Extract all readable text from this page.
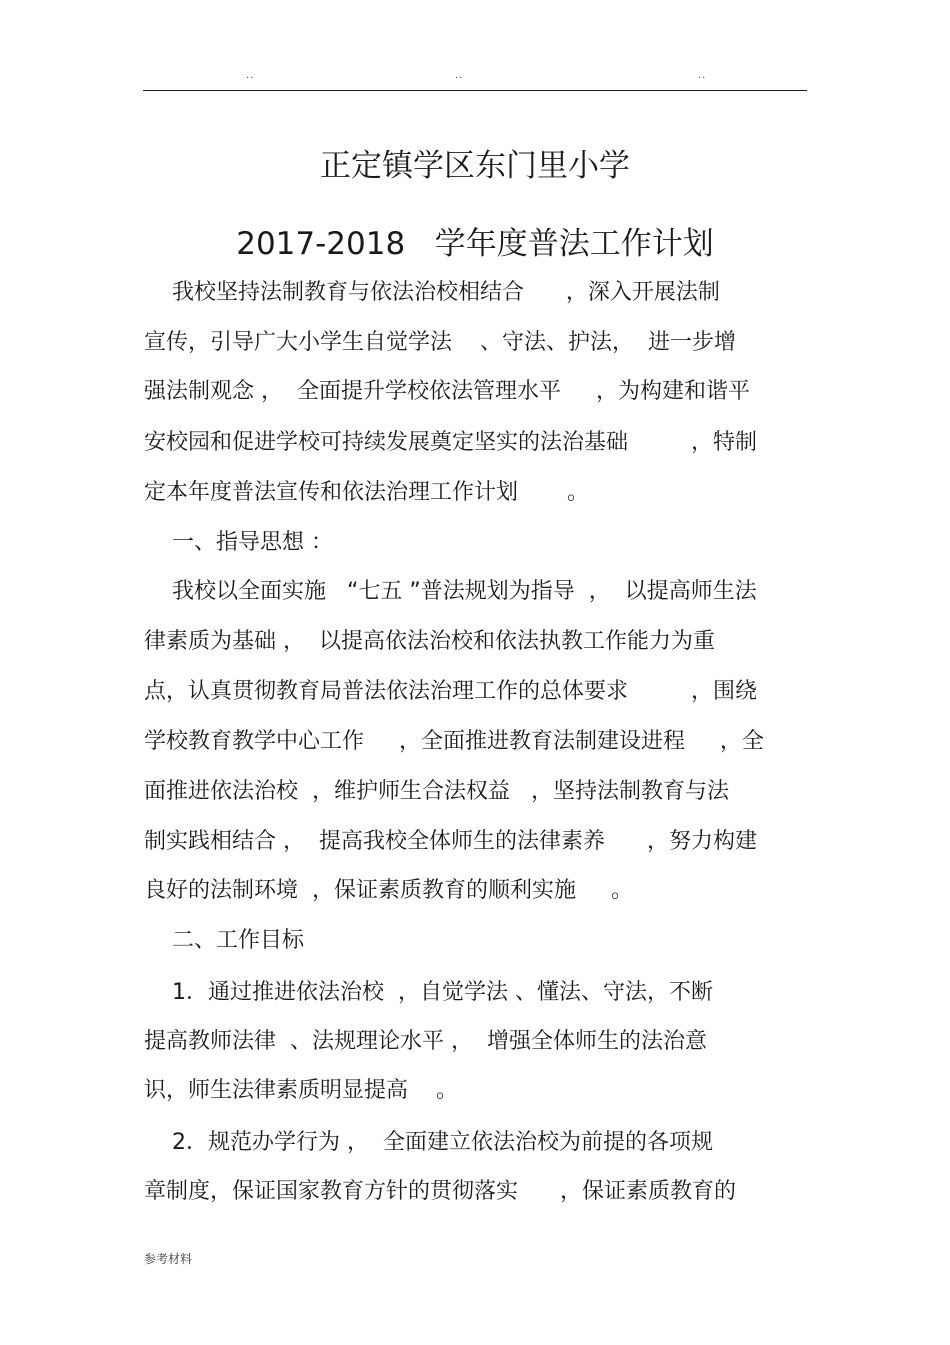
..	..	..
正定镇学区东门里小学
2017-2018   学年度普法工作计划
我校坚持法制教育与依法治校相结合      ，深入开展法制
宣传，引导广大小学生自觉学法    、守法、护法，  进一步增
强法制观念 ，  全面提升学校依法管理水平     ，为构建和谐平
安校园和促进学校可持续发展奠定坚实的法治基础         ，特制
定本年度普法宣传和依法治理工作计划       。
一、指导思想 ：
我校以全面实施   “七五 ”普法规划为指导  ，  以提高师生法
律素质为基础 ，  以提高依法治校和依法执教工作能力为重
点，认真贯彻教育局普法依法治理工作的总体要求         ，围绕
学校教育教学中心工作     ，全面推进教育法制建设进程     ，全
面推进依法治校  ，维护师生合法权益   ，坚持法制教育与法
制实践相结合 ，  提高我校全体师生的法律素养      ，努力构建
良好的法制环境  ，保证素质教育的顺利实施     。
二、工作目标
1．通过推进依法治校  ，自觉学法 、懂法、守法，不断
提高教师法律  、法规理论水平 ，  增强全体师生的法治意
识，师生法律素质明显提高    。
2．规范办学行为 ，  全面建立依法治校为前提的各项规
章制度，保证国家教育方针的贯彻落实      ，保证素质教育的
参考材料
